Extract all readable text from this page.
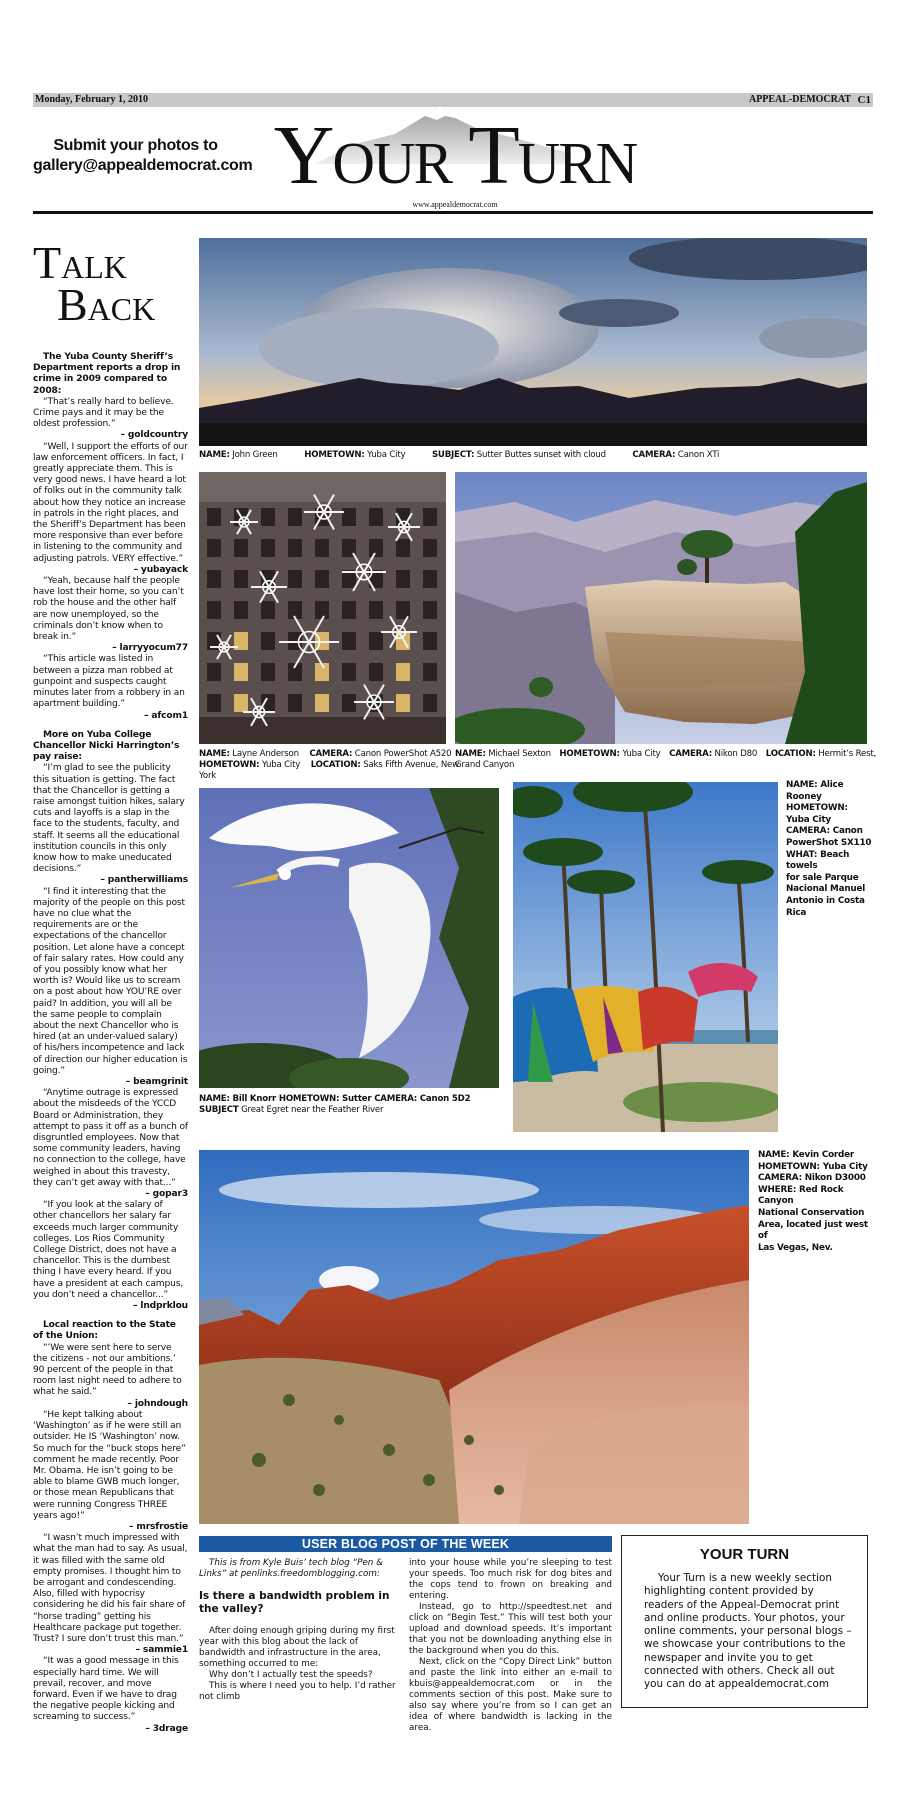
Monday, February 1, 2010	APPEAL-DEMOCRAT C1
Submit your photos to
gallery@appealdemocrat.com Your Turn
www.appealdemocrat.com
Talk
Back
The Yuba County Sheriff’s Department reports a drop in crime in 2009 compared to 2008:

“That’s really hard to believe. Crime pays and it may be the oldest profession.”

– goldcountry

“Well, I support the efforts of our law enforcement officers. In fact, I greatly appreciate them. This is very good news. I have heard a lot of folks out in the community talk about how they notice an increase in patrols in the right places, and the Sheriff’s Department has been more responsive than ever before in listening to the community and adjusting patrols. VERY effective.”

– yubayack

“Yeah, because half the people have lost their home, so you can’t rob the house and the other half are now unemployed, so the criminals don’t know when to break in.”

– larryyocum77

“This article was listed in between a pizza man robbed at gunpoint and suspects caught minutes later from a robbery in an apartment building.”

– afcom1

More on Yuba College Chancellor Nicki Harrington’s pay raise:

“I’m glad to see the publicity this situation is getting. The fact that the Chancellor is getting a raise amongst tuition hikes, salary cuts and layoffs is a slap in the face to the students, faculty, and staff. It seems all the educational institution councils in this only know how to make uneducated decisions.”

– pantherwilliams

“I find it interesting that the majority of the people on this post have no clue what the requirements are or the expectations of the chancellor position. Let alone have a concept of fair salary rates. How could any of you possibly know what her worth is? Would like us to scream on a post about how YOU’RE over paid? In addition, you will all be the same people to complain about the next Chancellor who is hired (at an under-valued salary) of his/hers incompetence and lack of direction our higher education is going.”

– beamgrinit

“Anytime outrage is expressed about the misdeeds of the YCCD Board or Administration, they attempt to pass it off as a bunch of disgruntled employees. Now that some community leaders, having no connection to the college, have weighed in about this travesty, they can’t get away with that...”

– gopar3

“If you look at the salary of other chancellors her salary far exceeds much larger community colleges. Los Rios Community College District, does not have a chancellor. This is the dumbest thing I have every heard. If you have a president at each campus, you don’t need a chancellor...”

– lndprklou

Local reaction to the State of the Union:

“’We were sent here to serve the citizens - not our ambitions.’ 90 percent of the people in that room last night need to adhere to what he said.”

– johndough

“He kept talking about ‘Washington’ as if he were still an outsider. He IS ‘Washington’ now. So much for the “buck stops here” comment he made recently. Poor Mr. Obama. He isn’t going to be able to blame GWB much longer, or those mean Republicans that were running Congress THREE years ago!”

– mrsfrostie

“I wasn’t much impressed with what the man had to say. As usual, it was filled with the same old empty promises. I thought him to be arrogant and condescending. Also, filled with hypocrisy considering he did his fair share of “horse trading” getting his Healthcare package put together. Trust? I sure don’t trust this man.”

– sammie1

“It was a good message in this especially hard time. We will prevail, recover, and move forward. Even if we have to drag the negative people kicking and screaming to success.”

– 3drage

NAME: John Green	HOMETOWN: Yuba City	SUBJECT: Sutter Buttes sunset with cloud	CAMERA: Canon XTi
NAME: Layne Anderson CAMERA: Canon PowerShot A520
HOMETOWN: Yuba City LOCATION: Saks Fifth Avenue, New York
NAME: Michael Sexton HOMETOWN: Yuba City CAMERA: Nikon D80 LOCATION: Hermit’s Rest, Grand Canyon
NAME: Bill Knorr HOMETOWN: Sutter CAMERA: Canon 5D2
SUBJECT Great Egret near the Feather River
NAME: Alice Rooney
HOMETOWN:
Yuba City
CAMERA: Canon
PowerShot SX110
WHAT: Beach towels
for sale Parque
Nacional Manuel
Antonio in Costa Rica
NAME: Kevin Corder
HOMETOWN: Yuba City
CAMERA: Nikon D3000
WHERE: Red Rock Canyon
National Conservation
Area, located just west of
Las Vegas, Nev.
USER BLOG POST OF THE WEEK

This is from Kyle Buis’ tech blog “Pen & Links” at penlinks.freedomblogging.com:

Is there a bandwidth problem in the valley?

After doing enough griping during my first year with this blog about the lack of bandwidth and infrastructure in the area, something occurred to me:

Why don’t I actually test the speeds?

This is where I need you to help. I’d rather not climb

into your house while you’re sleeping to test your speeds. Too much risk for dog bites and the cops tend to frown on breaking and entering.

Instead, go to http://speedtest.net and click on “Begin Test.” This will test both your upload and download speeds. It’s important that you not be downloading anything else in the background when you do this.

Next, click on the “Copy Direct Link” button and paste the link into either an e-mail to kbuis@appealdemocrat.com or in the comments section of this post. Make sure to also say where you’re from so I can get an idea of where bandwidth is lacking in the area.

YOUR TURN
Your Turn is a new weekly section highlighting content provided by readers of the Appeal-Democrat print and online products. Your photos, your online comments, your personal blogs – we showcase your contributions to the newspaper and invite you to get connected with others. Check all out you can do at appealdemocrat.com
